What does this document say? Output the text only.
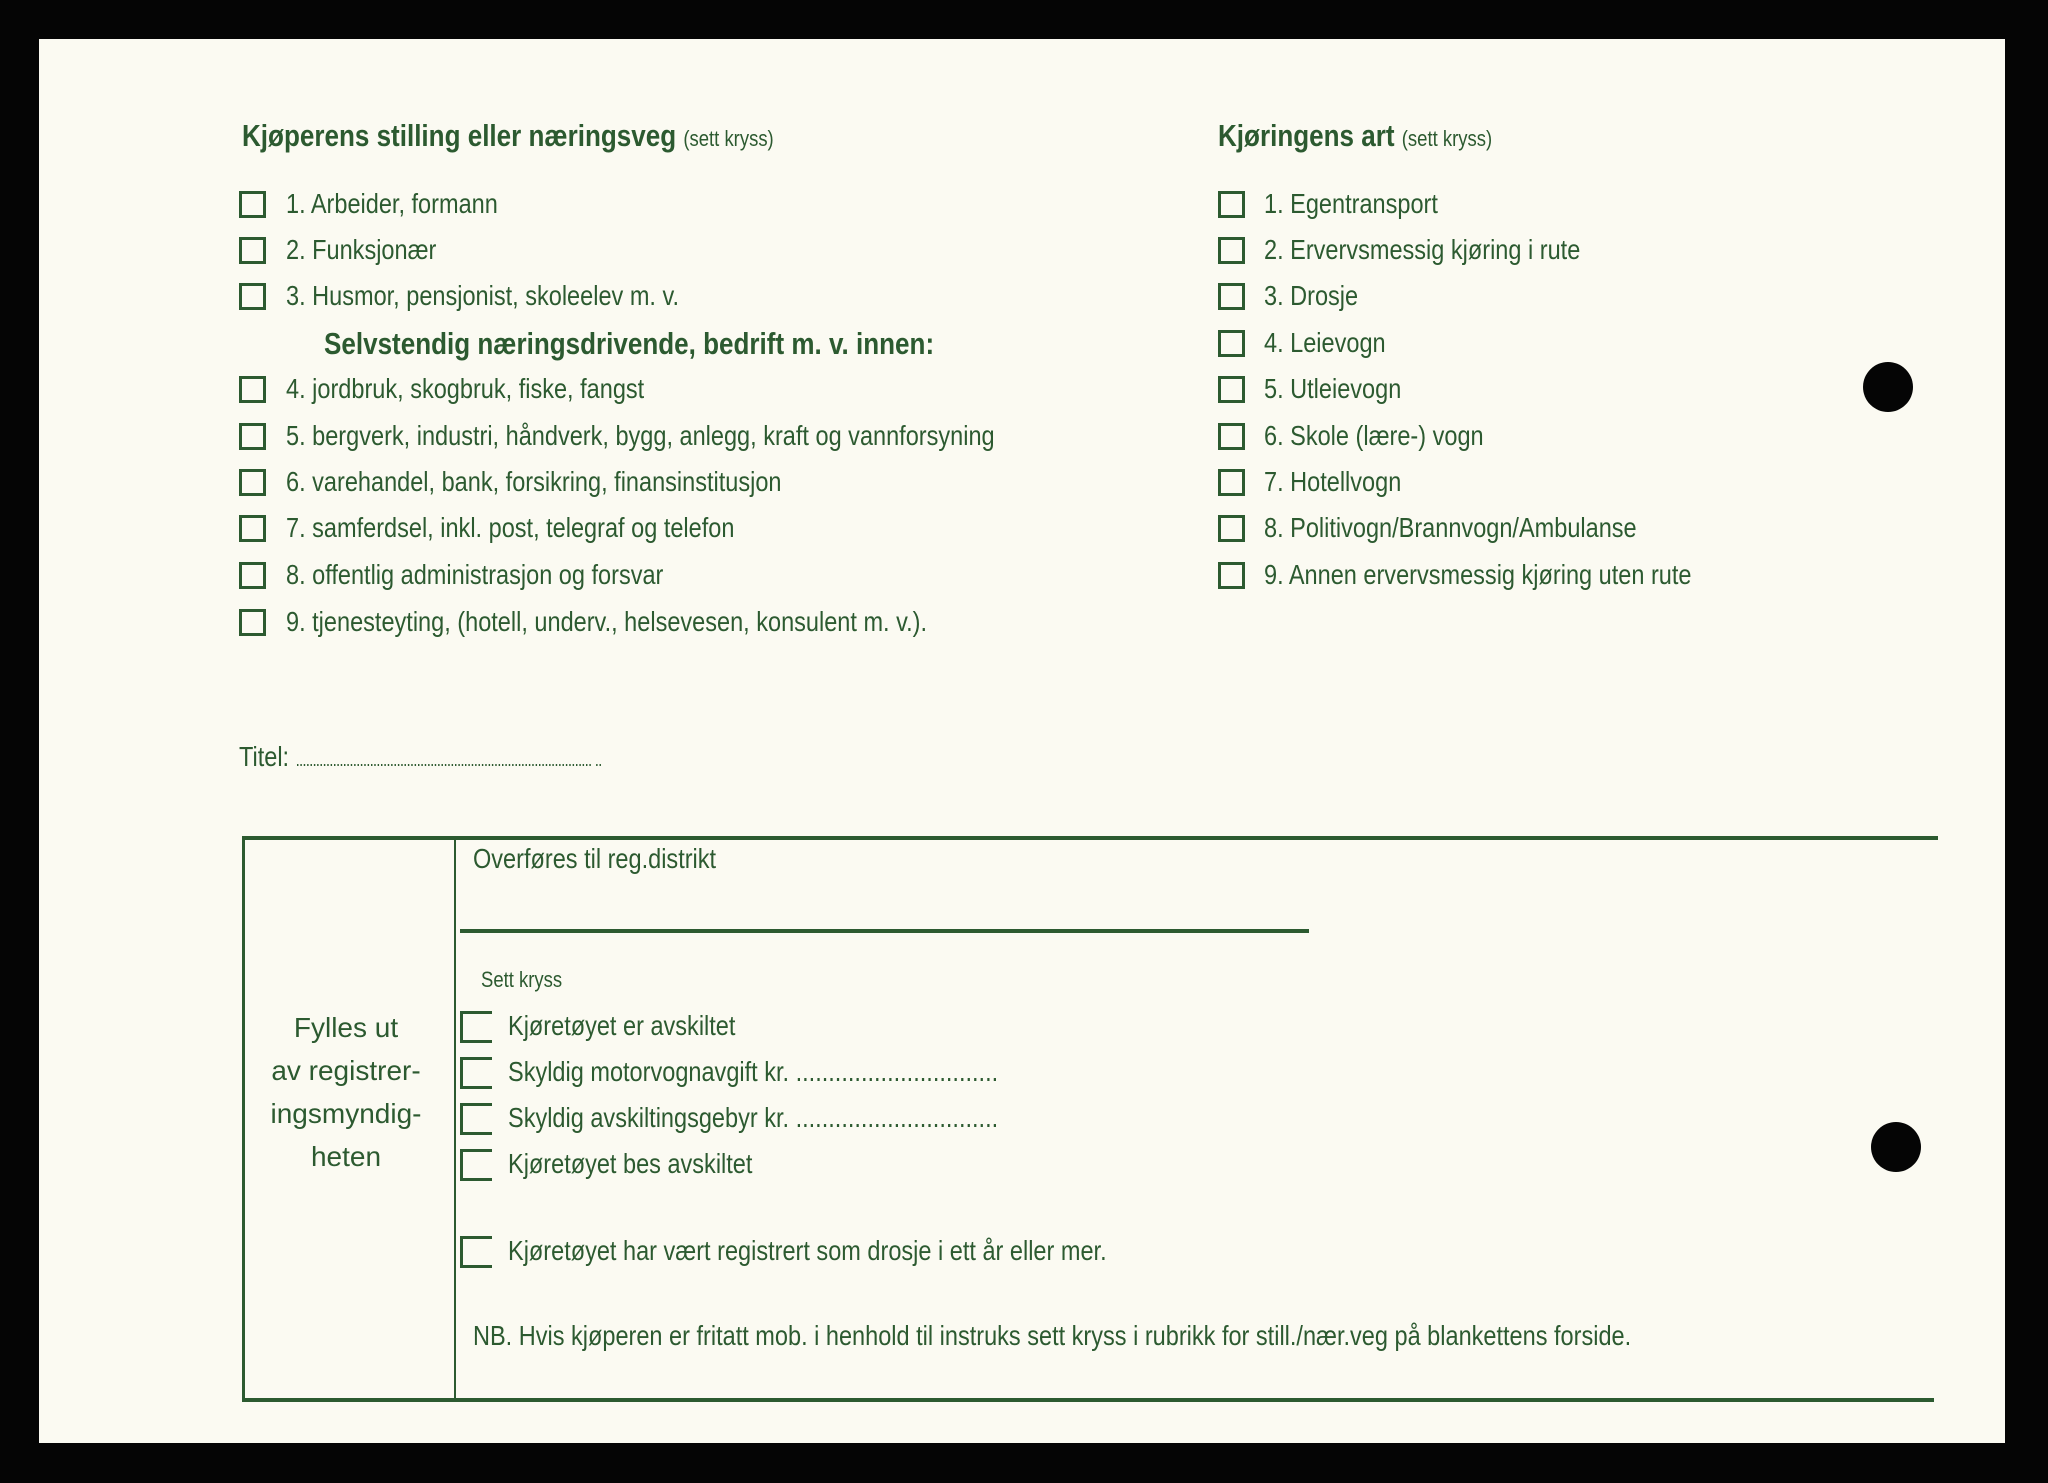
Kjøperens stilling eller næringsveg (sett kryss)	Kjøringens art (sett kryss)
1. Arbeider, formann
2. Funksjonær
3. Husmor, pensjonist, skoleelev m. v.
Selvstendig næringsdrivende, bedrift m. v. innen:
4. jordbruk, skogbruk, fiske, fangst
5. bergverk, industri, håndverk, bygg, anlegg, kraft og vannforsyning
6. varehandel, bank, forsikring, finansinstitusjon
7. samferdsel, inkl. post, telegraf og telefon
8. offentlig administrasjon og forsvar
9. tjenesteyting, (hotell, underv., helsevesen, konsulent m. v.).
1. Egentransport
2. Ervervsmessig kjøring i rute
3. Drosje
4. Leievogn
5. Utleievogn
6. Skole (lære-) vogn
7. Hotellvogn
8. Politivogn/Brannvogn/Ambulanse
9. Annen ervervsmessig kjøring uten rute
Titel: ........................................................................................ ..
Fylles ut
av registrer-
ingsmyndig-
heten
Overføres til reg.distrikt
Sett kryss
Kjøretøyet er avskiltet
Skyldig motorvognavgift kr. ...............................
Skyldig avskiltingsgebyr kr. ...............................
Kjøretøyet bes avskiltet
Kjøretøyet har vært registrert som drosje i ett år eller mer.
NB. Hvis kjøperen er fritatt mob. i henhold til instruks sett kryss i rubrikk for still./nær.veg på blankettens forside.
